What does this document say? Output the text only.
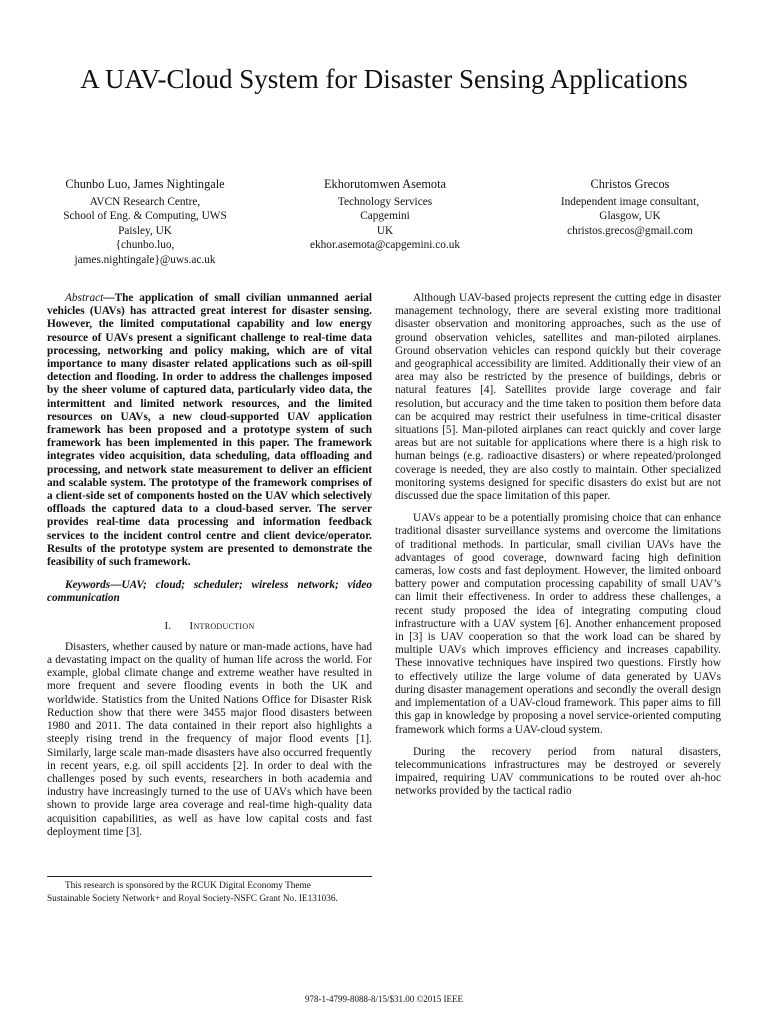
A UAV-Cloud System for Disaster Sensing Applications
Chunbo Luo, James Nightingale
AVCN Research Centre,
School of Eng. & Computing, UWS
Paisley, UK
{chunbo.luo,
james.nightingale}@uws.ac.uk
Ekhorutomwen Asemota
Technology Services
Capgemini
UK
ekhor.asemota@capgemini.co.uk
Christos Grecos
Independent image consultant,
Glasgow, UK
christos.grecos@gmail.com

Abstract—The application of small civilian unmanned aerial vehicles (UAVs) has attracted great interest for disaster sensing. However, the limited computational capability and low energy resource of UAVs present a significant challenge to real-time data processing, networking and policy making, which are of vital importance to many disaster related applications such as oil-spill detection and flooding. In order to address the challenges imposed by the sheer volume of captured data, particularly video data, the intermittent and limited network resources, and the limited resources on UAVs, a new cloud-supported UAV application framework has been proposed and a prototype system of such framework has been implemented in this paper. The framework integrates video acquisition, data scheduling, data offloading and processing, and network state measurement to deliver an efficient and scalable system. The prototype of the framework comprises of a client-side set of components hosted on the UAV which selectively offloads the captured data to a cloud-based server. The server provides real-time data processing and information feedback services to the incident control centre and client device/operator. Results of the prototype system are presented to demonstrate the feasibility of such framework.

Keywords—UAV; cloud; scheduler; wireless network; video communication

I. Introduction

Disasters, whether caused by nature or man-made actions, have had a devastating impact on the quality of human life across the world. For example, global climate change and extreme weather have resulted in more frequent and severe flooding events in both the UK and worldwide. Statistics from the United Nations Office for Disaster Risk Reduction show that there were 3455 major flood disasters between 1980 and 2011. The data contained in their report also highlights a steeply rising trend in the frequency of major flood events [1]. Similarly, large scale man-made disasters have also occurred frequently in recent years, e.g. oil spill accidents [2]. In order to deal with the challenges posed by such events, researchers in both academia and industry have increasingly turned to the use of UAVs which have been shown to provide large area coverage and real-time high-quality data acquisition capabilities, as well as have low capital costs and fast deployment time [3].

Although UAV-based projects represent the cutting edge in disaster management technology, there are several existing more traditional disaster observation and monitoring approaches, such as the use of ground observation vehicles, satellites and man-piloted airplanes. Ground observation vehicles can respond quickly but their coverage and geographical accessibility are limited. Additionally their view of an area may also be restricted by the presence of buildings, debris or natural features [4]. Satellites provide large coverage and fair resolution, but accuracy and the time taken to position them before data can be acquired may restrict their usefulness in time-critical disaster situations [5]. Man-piloted airplanes can react quickly and cover large areas but are not suitable for applications where there is a high risk to human beings (e.g. radioactive disasters) or where repeated/prolonged coverage is needed, they are also costly to maintain. Other specialized monitoring systems designed for specific disasters do exist but are not discussed due the space limitation of this paper.

UAVs appear to be a potentially promising choice that can enhance traditional disaster surveillance systems and overcome the limitations of traditional methods. In particular, small civilian UAVs have the advantages of good coverage, downward facing high definition cameras, low costs and fast deployment. However, the limited onboard battery power and computation processing capability of small UAV’s can limit their effectiveness. In order to address these challenges, a recent study proposed the idea of integrating computing cloud infrastructure with a UAV system [6]. Another enhancement proposed in [3] is UAV cooperation so that the work load can be shared by multiple UAVs which improves efficiency and increases capability. These innovative techniques have inspired two questions. Firstly how to effectively utilize the large volume of data generated by UAVs during disaster management operations and secondly the overall design and implementation of a UAV-cloud framework. This paper aims to fill this gap in knowledge by proposing a novel service-oriented computing framework which forms a UAV-cloud system.

During the recovery period from natural disasters, telecommunications infrastructures may be destroyed or severely impaired, requiring UAV communications to be routed over ah-hoc networks provided by the tactical radio

This research is sponsored by the RCUK Digital Economy Theme
Sustainable Society Network+ and Royal Society-NSFC Grant No. IE131036.
978-1-4799-8088-8/15/$31.00 ©2015 IEEE
